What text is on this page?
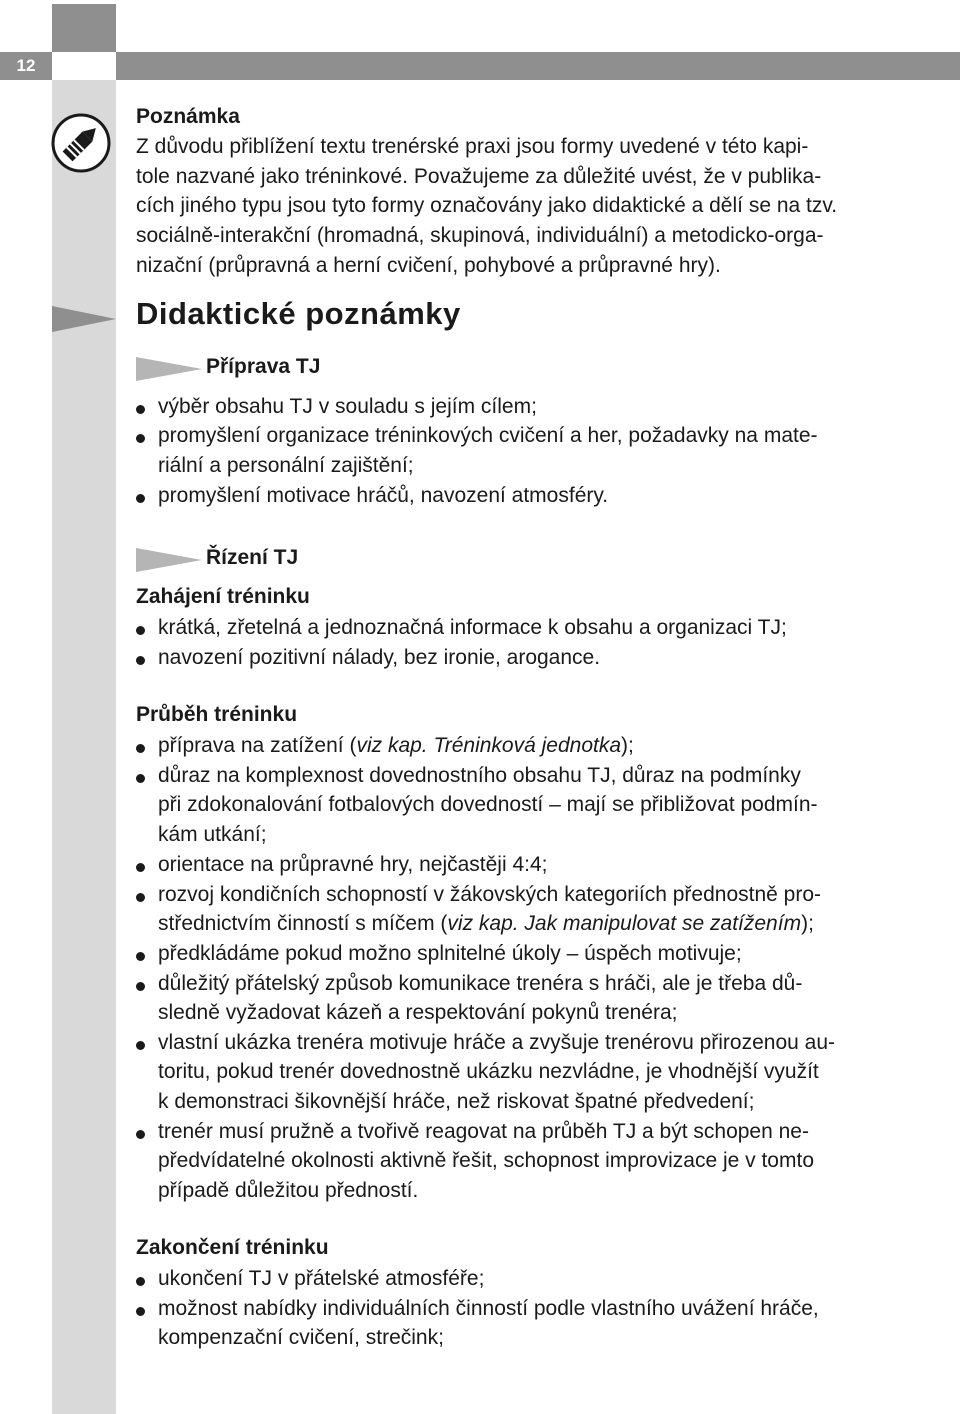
12
Poznámka
Z důvodu přiblížení textu trenérské praxi jsou formy uvedené v této kapi-
tole nazvané jako tréninkové. Považujeme za důležité uvést, že v publika-
cích jiného typu jsou tyto formy označovány jako didaktické a dělí se na tzv.
sociálně-interakční (hromadná, skupinová, individuální) a metodicko-orga-
nizační (průpravná a herní cvičení, pohybové a průpravné hry).
Didaktické poznámky
Příprava TJ
výběr obsahu TJ v souladu s jejím cílem;
promyšlení organizace tréninkových cvičení a her, požadavky na mate-
riální a personální zajištění;
promyšlení motivace hráčů, navození atmosféry.
Řízení TJ
Zahájení tréninku
krátká, zřetelná a jednoznačná informace k obsahu a organizaci TJ;
navození pozitivní nálady, bez ironie, arogance.
Průběh tréninku
příprava na zatížení (viz kap. Tréninková jednotka);
důraz na komplexnost dovednostního obsahu TJ, důraz na podmínky
při zdokonalování fotbalových dovedností – mají se přibližovat podmín-
kám utkání;
orientace na průpravné hry, nejčastěji 4:4;
rozvoj kondičních schopností v žákovských kategoriích přednostně pro-
střednictvím činností s míčem (viz kap. Jak manipulovat se zatížením);
předkládáme pokud možno splnitelné úkoly – úspěch motivuje;
důležitý přátelský způsob komunikace trenéra s hráči, ale je třeba dů-
sledně vyžadovat kázeň a respektování pokynů trenéra;
vlastní ukázka trenéra motivuje hráče a zvyšuje trenérovu přirozenou au-
toritu, pokud trenér dovednostně ukázku nezvládne, je vhodnější využít
k demonstraci šikovnější hráče, než riskovat špatné předvedení;
trenér musí pružně a tvořivě reagovat na průběh TJ a být schopen ne-
předvídatelné okolnosti aktivně řešit, schopnost improvizace je v tomto
případě důležitou předností.
Zakončení tréninku
ukončení TJ v přátelské atmosféře;
možnost nabídky individuálních činností podle vlastního uvážení hráče,
kompenzační cvičení, strečink;
